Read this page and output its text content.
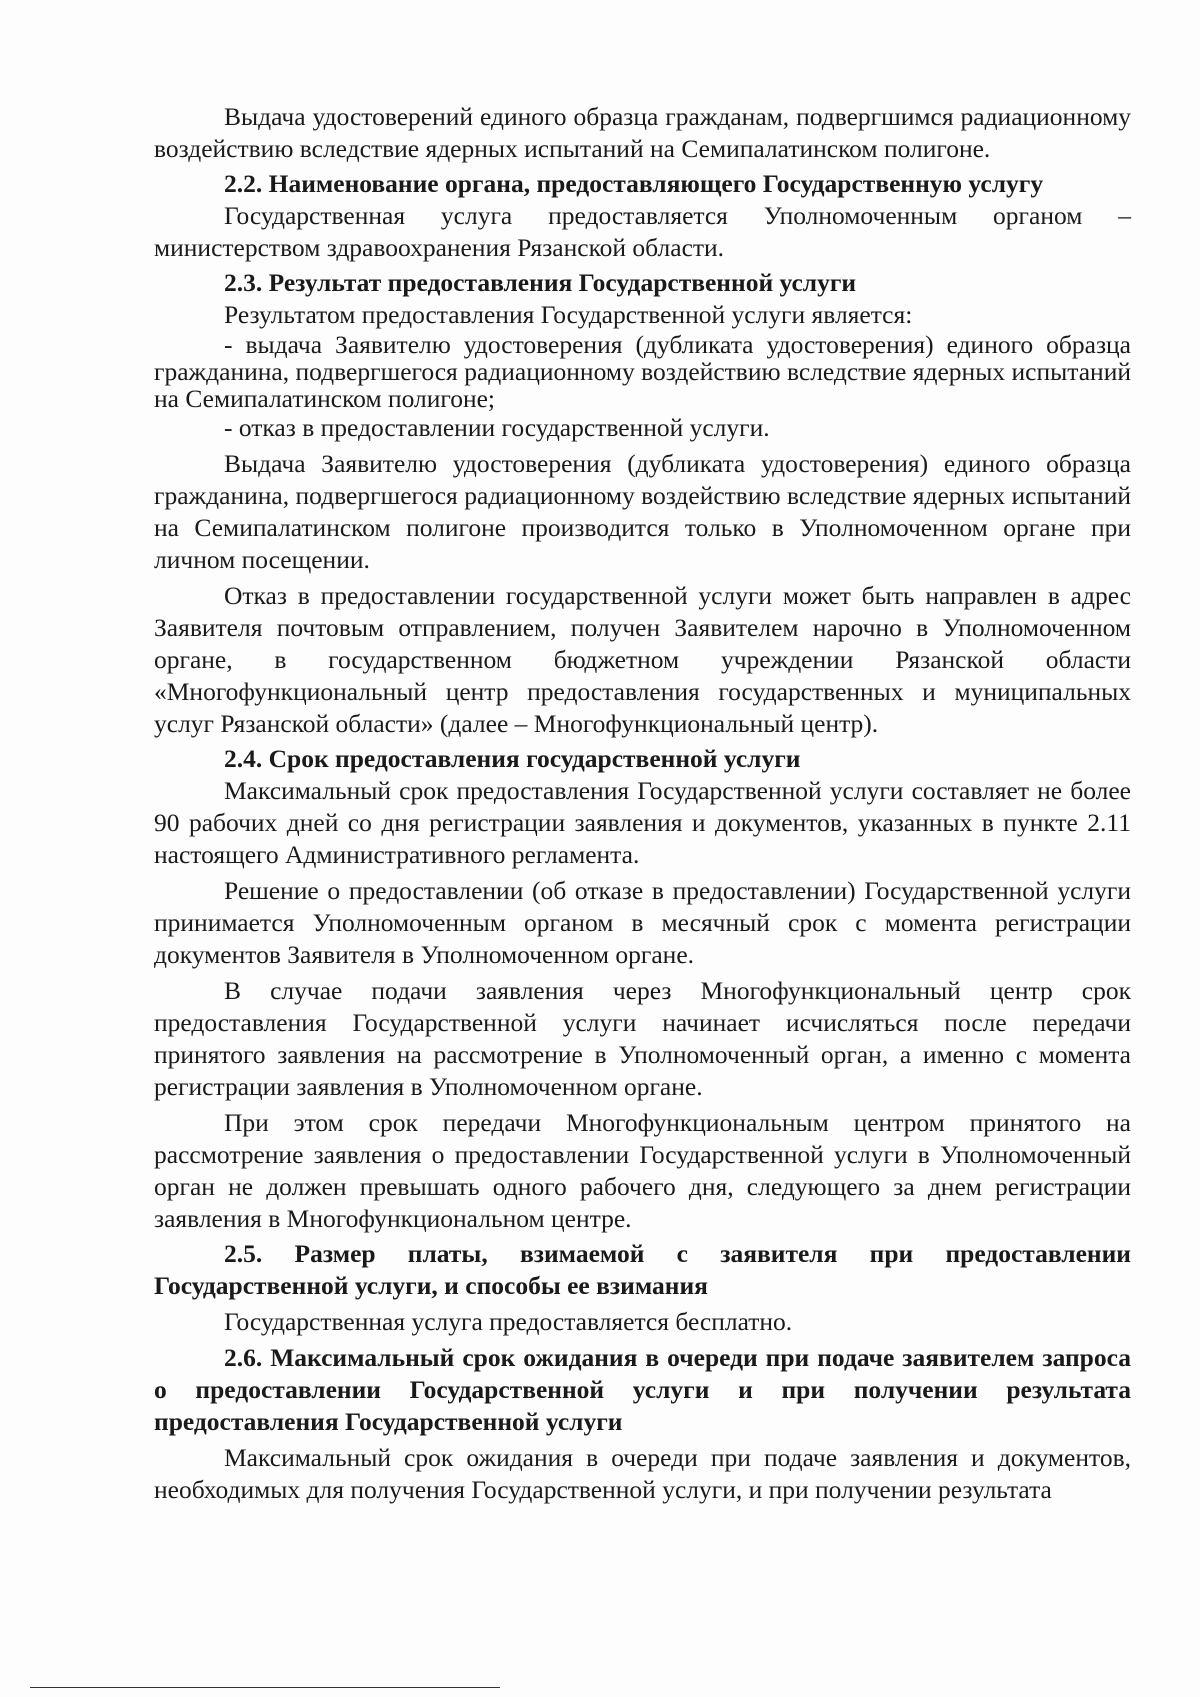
Выдача удостоверений единого образца гражданам, подвергшимся радиационному воздействию вследствие ядерных испытаний на Семипалатинском полигоне.

2.2. Наименование органа, предоставляющего Государственную услугу

Государственная услуга предоставляется Уполномоченным органом – министерством здравоохранения Рязанской области.

2.3. Результат предоставления Государственной услуги

Результатом предоставления Государственной услуги является:

- выдача Заявителю удостоверения (дубликата удостоверения) единого образца гражданина, подвергшегося радиационному воздействию вследствие ядерных испытаний на Семипалатинском полигоне;

- отказ в предоставлении государственной услуги.

Выдача Заявителю удостоверения (дубликата удостоверения) единого образца гражданина, подвергшегося радиационному воздействию вследствие ядерных испытаний на Семипалатинском полигоне производится только в Уполномоченном органе при личном посещении.

Отказ в предоставлении государственной услуги может быть направлен в адрес Заявителя почтовым отправлением, получен Заявителем нарочно в Уполномоченном органе, в государственном бюджетном учреждении Рязанской области «Многофункциональный центр предоставления государственных и муниципальных услуг Рязанской области» (далее – Многофункциональный центр).

2.4. Срок предоставления государственной услуги

Максимальный срок предоставления Государственной услуги составляет не более 90 рабочих дней со дня регистрации заявления и документов, указанных в пункте 2.11 настоящего Административного регламента.

Решение о предоставлении (об отказе в предоставлении) Государственной услуги принимается Уполномоченным органом в месячный срок с момента регистрации документов Заявителя в Уполномоченном органе.

В случае подачи заявления через Многофункциональный центр срок предоставления Государственной услуги начинает исчисляться после передачи принятого заявления на рассмотрение в Уполномоченный орган, а именно с момента регистрации заявления в Уполномоченном органе.

При этом срок передачи Многофункциональным центром принятого на рассмотрение заявления о предоставлении Государственной услуги в Уполномоченный орган не должен превышать одного рабочего дня, следующего за днем регистрации заявления в Многофункциональном центре.

2.5. Размер платы, взимаемой с заявителя при предоставлении Государственной услуги, и способы ее взимания

Государственная услуга предоставляется бесплатно.

2.6. Максимальный срок ожидания в очереди при подаче заявителем запроса о предоставлении Государственной услуги и при получении результата предоставления Государственной услуги

Максимальный срок ожидания в очереди при подаче заявления и документов, необходимых для получения Государственной услуги, и при получении результата
